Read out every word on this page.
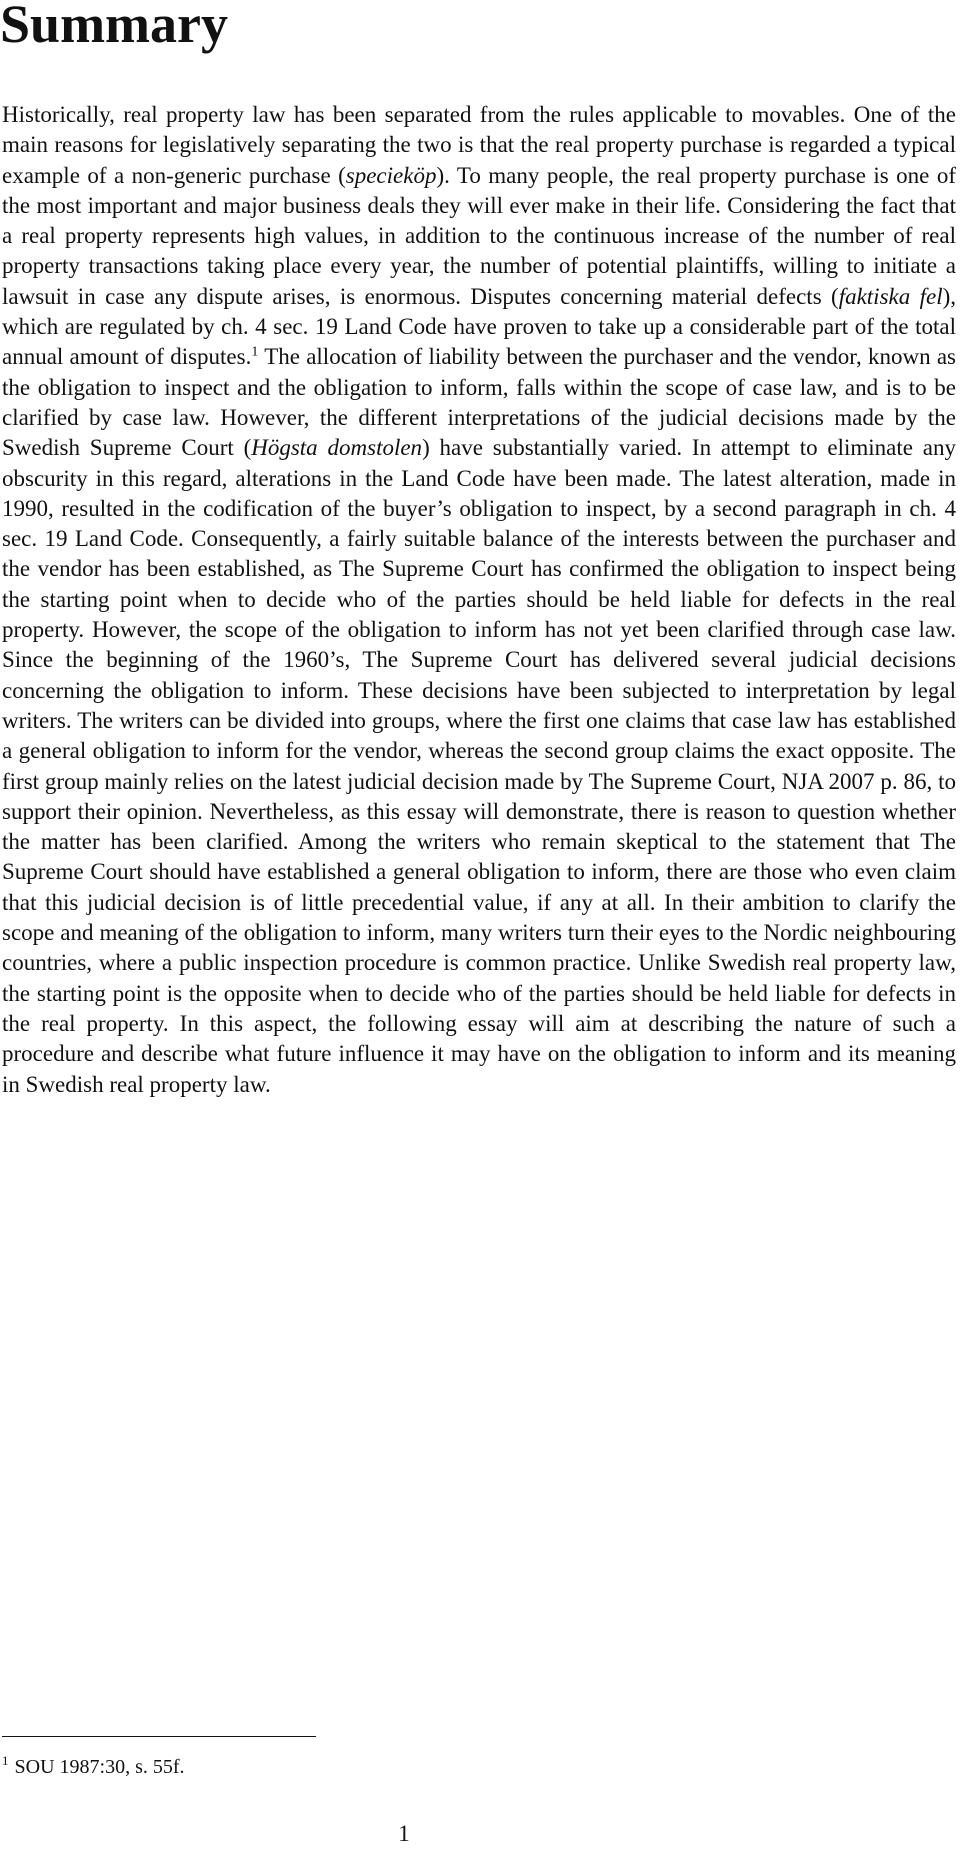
Summary

Historically, real property law has been separated from the rules applicable to movables. One of the main reasons for legislatively separating the two is that the real property purchase is regarded a typical example of a non-generic purchase (specieköp). To many people, the real property purchase is one of the most important and major business deals they will ever make in their life. Considering the fact that a real property represents high values, in addition to the continuous increase of the number of real property transactions taking place every year, the number of potential plaintiffs, willing to initiate a lawsuit in case any dispute arises, is enormous. Disputes concerning material defects (faktiska fel), which are regulated by ch. 4 sec. 19 Land Code have proven to take up a considerable part of the total annual amount of disputes.$^1$ The allocation of liability between the purchaser and the vendor, known as the obligation to inspect and the obligation to inform, falls within the scope of case law, and is to be clarified by case law. However, the different interpretations of the judicial decisions made by the Swedish Supreme Court (Högsta domstolen) have substantially varied. In attempt to eliminate any obscurity in this regard, alterations in the Land Code have been made. The latest alteration, made in 1990, resulted in the codification of the buyer’s obligation to inspect, by a second paragraph in ch. 4 sec. 19 Land Code. Consequently, a fairly suitable balance of the interests between the purchaser and the vendor has been established, as The Supreme Court has confirmed the obligation to inspect being the starting point when to decide who of the parties should be held liable for defects in the real property. However, the scope of the obligation to inform has not yet been clarified through case law. Since the beginning of the 1960’s, The Supreme Court has delivered several judicial decisions concerning the obligation to inform. These decisions have been subjected to interpretation by legal writers. The writers can be divided into groups, where the first one claims that case law has established a general obligation to inform for the vendor, whereas the second group claims the exact opposite. The first group mainly relies on the latest judicial decision made by The Supreme Court, NJA 2007 p. 86, to support their opinion. Nevertheless, as this essay will demonstrate, there is reason to question whether the matter has been clarified. Among the writers who remain skeptical to the statement that The Supreme Court should have established a general obligation to inform, there are those who even claim that this judicial decision is of little precedential value, if any at all. In their ambition to clarify the scope and meaning of the obligation to inform, many writers turn their eyes to the Nordic neighbouring countries, where a public inspection procedure is common practice. Unlike Swedish real property law, the starting point is the opposite when to decide who of the parties should be held liable for defects in the real property. In this aspect, the following essay will aim at describing the nature of such a procedure and describe what future influence it may have on the obligation to inform and its meaning in Swedish real property law.

$^1$ SOU 1987:30, s. 55f.

1
